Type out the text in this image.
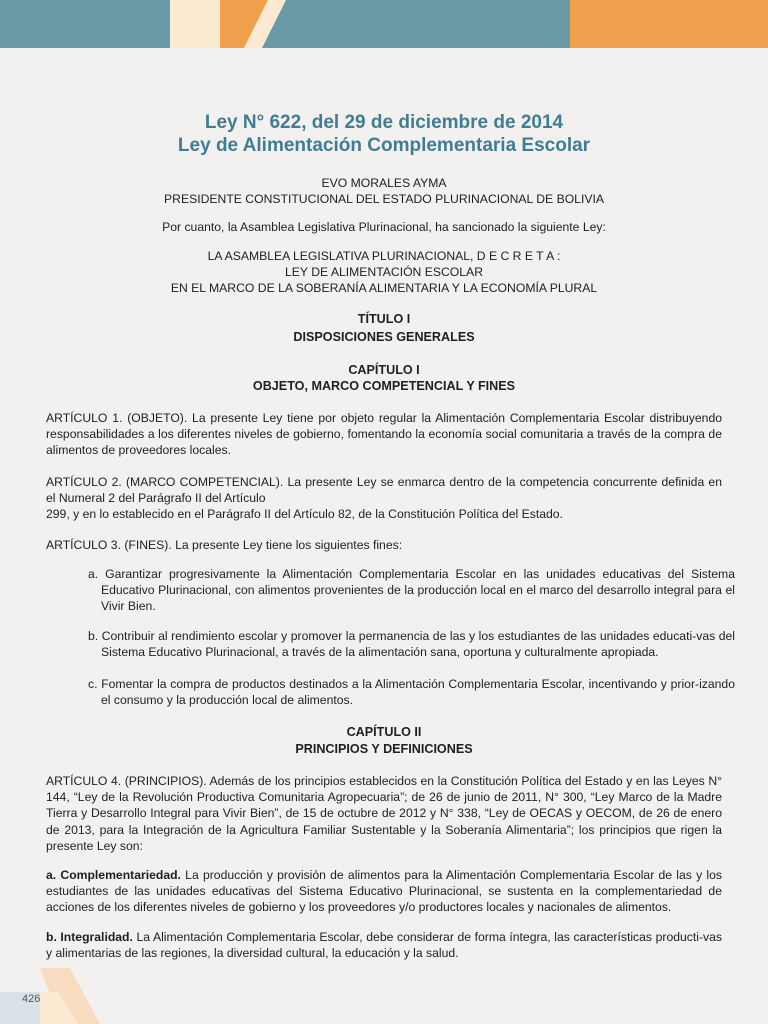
Ley N° 622, del 29 de diciembre de 2014

Ley de Alimentación Complementaria Escolar

EVO MORALES AYMA

PRESIDENTE CONSTITUCIONAL DEL ESTADO PLURINACIONAL DE BOLIVIA

Por cuanto, la Asamblea Legislativa Plurinacional, ha sancionado la siguiente Ley:

LA ASAMBLEA LEGISLATIVA PLURINACIONAL, D E C R E T A :

LEY DE ALIMENTACIÓN ESCOLAR

EN EL MARCO DE LA SOBERANÍA ALIMENTARIA Y LA ECONOMÍA PLURAL

TÍTULO I

DISPOSICIONES GENERALES

CAPÍTULO I

OBJETO, MARCO COMPETENCIAL Y FINES

ARTÍCULO 1. (OBJETO). La presente Ley tiene por objeto regular la Alimentación Complementaria Escolar distribuyendo responsabilidades a los diferentes niveles de gobierno, fomentando la economía social comunitaria a través de la compra de alimentos de proveedores locales.

ARTÍCULO 2. (MARCO COMPETENCIAL). La presente Ley se enmarca dentro de la competencia concurrente definida en el Numeral 2 del Parágrafo II del Artículo

299, y en lo establecido en el Parágrafo II del Artículo 82, de la Constitución Política del Estado.

ARTÍCULO 3. (FINES). La presente Ley tiene los siguientes fines:

a. Garantizar progresivamente la Alimentación Complementaria Escolar en las unidades educativas del Sistema Educativo Plurinacional, con alimentos provenientes de la producción local en el marco del desarrollo integral para el Vivir Bien.

b. Contribuir al rendimiento escolar y promover la permanencia de las y los estudiantes de las unidades educati-vas del Sistema Educativo Plurinacional, a través de la alimentación sana, oportuna y culturalmente apropiada.

c. Fomentar la compra de productos destinados a la Alimentación Complementaria Escolar, incentivando y prior-izando el consumo y la producción local de alimentos.

CAPÍTULO II

PRINCIPIOS Y DEFINICIONES

ARTÍCULO 4. (PRINCIPIOS). Además de los principios establecidos en la Constitución Política del Estado y en las Leyes N° 144, “Ley de la Revolución Productiva Comunitaria Agropecuaria”; de 26 de junio de 2011, N° 300, “Ley Marco de la Madre Tierra y Desarrollo Integral para Vivir Bien”, de 15 de octubre de 2012 y N° 338, “Ley de OECAS y OECOM, de 26 de enero de 2013, para la Integración de la Agricultura Familiar Sustentable y la Soberanía Alimentaria”; los principios que rigen la presente Ley son:

a. Complementariedad. La producción y provisión de alimentos para la Alimentación Complementaria Escolar de las y los estudiantes de las unidades educativas del Sistema Educativo Plurinacional, se sustenta en la complementariedad de acciones de los diferentes niveles de gobierno y los proveedores y/o productores locales y nacionales de alimentos.

b. Integralidad. La Alimentación Complementaria Escolar, debe considerar de forma íntegra, las características producti-vas y alimentarias de las regiones, la diversidad cultural, la educación y la salud.

426
